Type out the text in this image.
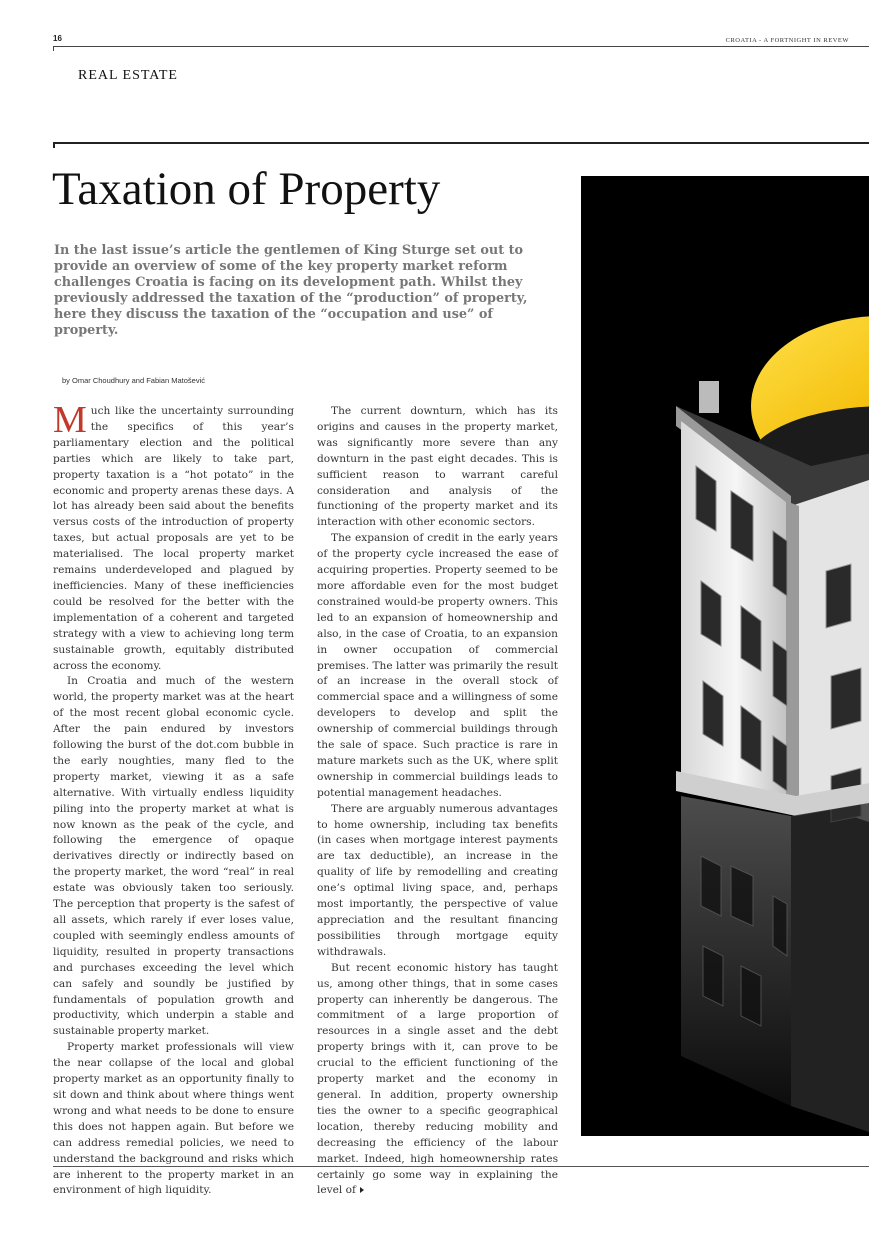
16	CROATIA - A FORTNIGHT IN REVEW
REAL ESTATE
Taxation of Property
In the last issue’s article the gentlemen of King Sturge set out to provide an overview of some of the key property market reform challenges Croatia is facing on its development path. Whilst they previously addressed the taxation of the “production” of property, here they discuss the taxation of the “occupation and use” of property.
by Omar Choudhury and Fabian Matošević

Much like the uncertainty surrounding the specifics of this year’s parliamentary election and the political parties which are likely to take part, property taxation is a “hot potato” in the economic and property arenas these days. A lot has already been said about the benefits versus costs of the introduction of property taxes, but actual proposals are yet to be materialised. The local property market remains underdeveloped and plagued by inefficiencies. Many of these inefficiencies could be resolved for the better with the implementation of a coherent and targeted strategy with a view to achieving long term sustainable growth, equitably distributed across the economy.

In Croatia and much of the western world, the property market was at the heart of the most recent global economic cycle. After the pain endured by investors following the burst of the dot.com bubble in the early noughties, many fled to the property market, viewing it as a safe alternative. With virtually endless liquidity piling into the property market at what is now known as the peak of the cycle, and following the emergence of opaque derivatives directly or indirectly based on the property market, the word “real” in real estate was obviously taken too seriously. The perception that property is the safest of all assets, which rarely if ever loses value, coupled with seemingly endless amounts of liquidity, resulted in property transactions and purchases exceeding the level which can safely and soundly be justified by fundamentals of population growth and productivity, which underpin a stable and sustainable property market.

Property market professionals will view the near collapse of the local and global property market as an opportunity finally to sit down and think about where things went wrong and what needs to be done to ensure this does not happen again. But before we can address remedial policies, we need to understand the background and risks which are inherent to the property market in an environment of high liquidity.

The current downturn, which has its origins and causes in the property market, was significantly more severe than any downturn in the past eight decades. This is sufficient reason to warrant careful consideration and analysis of the functioning of the property market and its interaction with other economic sectors.

The expansion of credit in the early years of the property cycle increased the ease of acquiring properties. Property seemed to be more affordable even for the most budget constrained would-be property owners. This led to an expansion of homeownership and also, in the case of Croatia, to an expansion in owner occupation of commercial premises. The latter was primarily the result of an increase in the overall stock of commercial space and a willingness of some developers to develop and split the ownership of commercial buildings through the sale of space. Such practice is rare in mature markets such as the UK, where split ownership in commercial buildings leads to potential management headaches.

There are arguably numerous advantages to home ownership, including tax benefits (in cases when mortgage interest payments are tax deductible), an increase in the quality of life by remodelling and creating one’s optimal living space, and, perhaps most importantly, the perspective of value appreciation and the resultant financing possibilities through mortgage equity withdrawals.

But recent economic history has taught us, among other things, that in some cases property can inherently be dangerous. The commitment of a large proportion of resources in a single asset and the debt property brings with it, can prove to be crucial to the efficient functioning of the property market and the economy in general. In addition, property ownership ties the owner to a specific geographical location, thereby reducing mobility and decreasing the efficiency of the labour market. Indeed, high homeownership rates certainly go some way in explaining the level of
